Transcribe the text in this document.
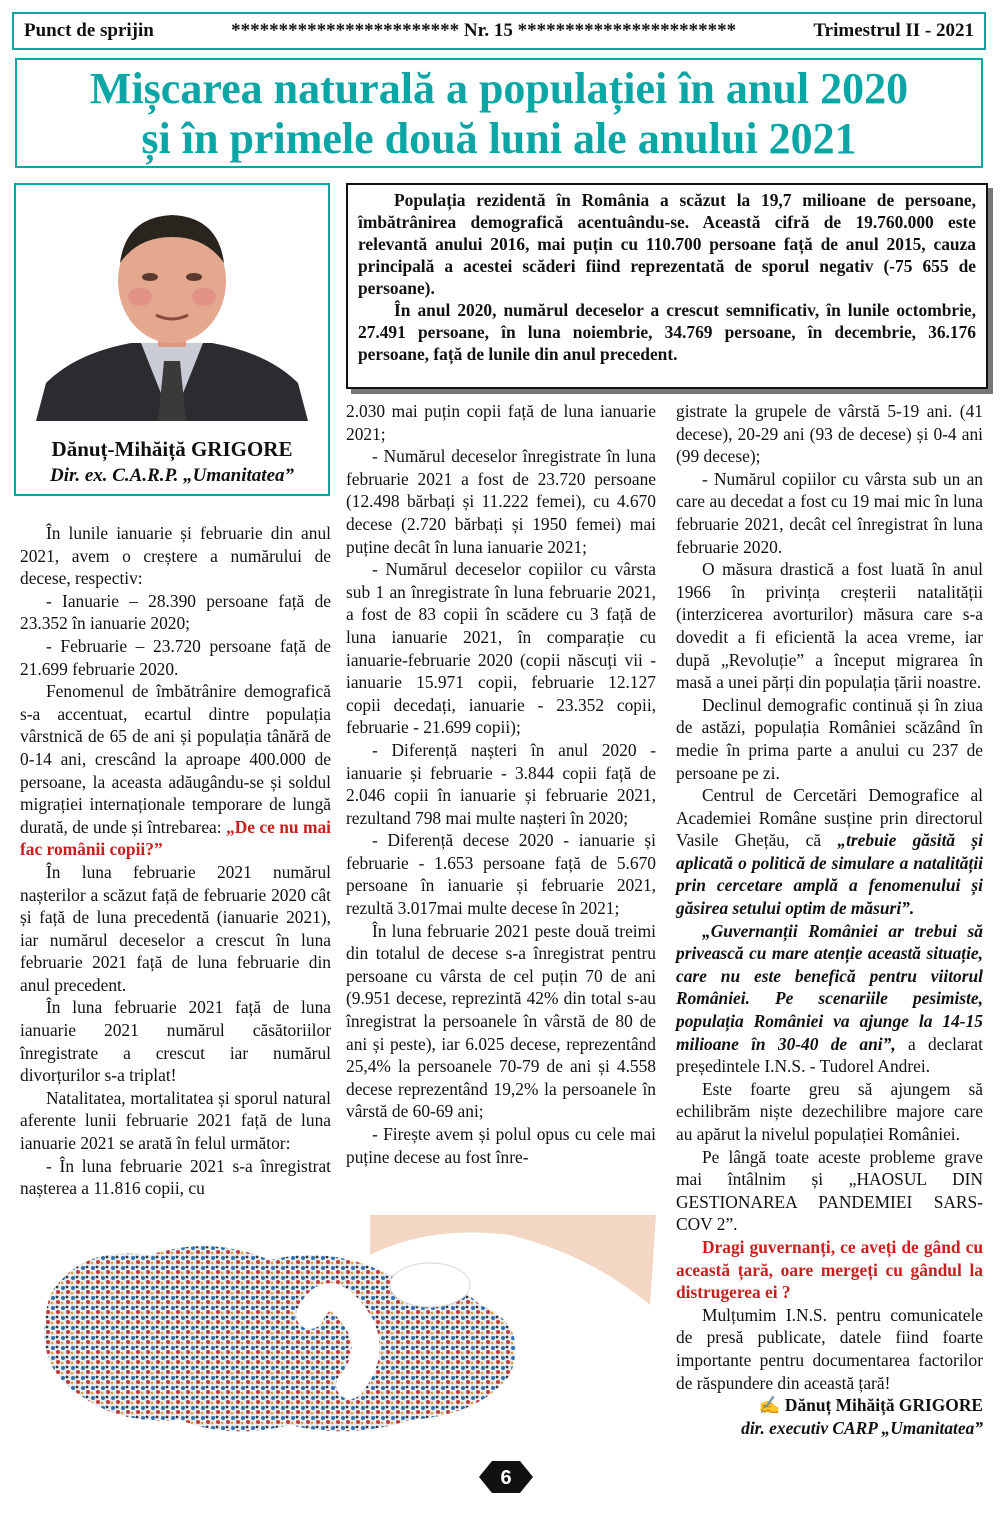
Punct de sprijin	************************ Nr. 15 ***********************	Trimestrul II - 2021
Mișcarea naturală a populației în anul 2020
și în primele două luni ale anului 2021
Dănuț-Mihăiță GRIGORE
Dir. ex. C.A.R.P. „Umanitatea”

Populația rezidentă în România a scăzut la 19,7 milioane de persoane, îmbătrânirea demografică acentuându-se. Această cifră de 19.760.000 este relevantă anului 2016, mai puțin cu 110.700 persoane față de anul 2015, cauza principală a acestei scăderi fiind reprezentată de sporul negativ (-75 655 de persoane).

În anul 2020, numărul deceselor a crescut semnificativ, în lunile octombrie, 27.491 persoane, în luna noiembrie, 34.769 persoane, în decembrie, 36.176 persoane, față de lunile din anul precedent.

În lunile ianuarie și februarie din anul 2021, avem o creștere a numărului de decese, respectiv:

- Ianuarie – 28.390 persoane față de 23.352 în ianuarie 2020;

- Februarie – 23.720 persoane față de 21.699 februarie 2020.

Fenomenul de îmbătrânire demografică s-a accentuat, ecartul dintre populația vârstnică de 65 de ani și populația tânără de 0-14 ani, crescând la aproape 400.000 de persoane, la aceasta adăugându-se și soldul migrației internaționale temporare de lungă durată, de unde și întrebarea: „De ce nu mai fac românii copii?”

În luna februarie 2021 numărul nașterilor a scăzut față de februarie 2020 cât și față de luna precedentă (ianuarie 2021), iar numărul deceselor a crescut în luna februarie 2021 față de luna februarie din anul precedent.

În luna februarie 2021 față de luna ianuarie 2021 numărul căsătoriilor înregistrate a crescut iar numărul divorțurilor s-a triplat!

Natalitatea, mortalitatea și sporul natural aferente lunii februarie 2021 față de luna ianuarie 2021 se arată în felul următor:

- În luna februarie 2021 s-a înregistrat nașterea a 11.816 copii, cu

2.030 mai puțin copii față de luna ianuarie 2021;

- Numărul deceselor înregistrate în luna februarie 2021 a fost de 23.720 persoane (12.498 bărbați și 11.222 femei), cu 4.670 decese (2.720 bărbați și 1950 femei) mai puține decât în luna ianuarie 2021;

- Numărul deceselor copiilor cu vârsta sub 1 an înregistrate în luna februarie 2021, a fost de 83 copii în scădere cu 3 față de luna ianuarie 2021, în comparație cu ianuarie-februarie 2020 (copii născuți vii - ianuarie 15.971 copii, februarie 12.127 copii decedați, ianuarie - 23.352 copii, februarie - 21.699 copii);

- Diferență nașteri în anul 2020 - ianuarie și februarie - 3.844 copii față de 2.046 copii în ianuarie și februarie 2021, rezultand 798 mai multe nașteri în 2020;

- Diferență decese 2020 - ianuarie și februarie - 1.653 persoane față de 5.670 persoane în ianuarie și februarie 2021, rezultă 3.017mai multe decese în 2021;

În luna februarie 2021 peste două treimi din totalul de decese s-a înregistrat pentru persoane cu vârsta de cel puțin 70 de ani (9.951 decese, reprezintă 42% din total s-au înregistrat la persoanele în vârstă de 80 de ani și peste), iar 6.025 decese, reprezentând 25,4% la persoanele 70-79 de ani și 4.558 decese reprezentând 19,2% la persoanele în vârstă de 60-69 ani;

- Firește avem și polul opus cu cele mai puține decese au fost înre-

gistrate la grupele de vârstă 5-19 ani. (41 decese), 20-29 ani (93 de decese) și 0-4 ani (99 decese);

- Numărul copiilor cu vârsta sub un an care au decedat a fost cu 19 mai mic în luna februarie 2021, decât cel înregistrat în luna februarie 2020.

O măsura drastică a fost luată în anul 1966 în privința creșterii natalității (interzicerea avorturilor) măsura care s-a dovedit a fi eficientă la acea vreme, iar după „Revoluție” a început migrarea în masă a unei părți din populația țării noastre.

Declinul demografic continuă și în ziua de astăzi, populația României scăzând în medie în prima parte a anului cu 237 de persoane pe zi.

Centrul de Cercetări Demografice al Academiei Române susține prin directorul Vasile Ghețău, că „trebuie găsită și aplicată o politică de simulare a natalității prin cercetare amplă a fenomenului și găsirea setului optim de măsuri”.

„Guvernanții României ar trebui să privească cu mare atenție această situație, care nu este benefică pentru viitorul României. Pe scenariile pesimiste, populația României va ajunge la 14-15 milioane în 30-40 de ani”, a declarat președintele I.N.S. - Tudorel Andrei.

Este foarte greu să ajungem să echilibrăm niște dezechilibre majore care au apărut la nivelul populației României.

Pe lângă toate aceste probleme grave mai întâlnim și „HAOSUL DIN GESTIONAREA PANDEMIEI SARS- COV 2”.

Dragi guvernanți, ce aveți de gând cu această țară, oare mergeți cu gândul la distrugerea ei ?

Mulțumim I.N.S. pentru comunicatele de presă publicate, datele fiind foarte importante pentru documentarea factorilor de răspundere din această țară!

✍ Dănuț Mihăiță GRIGORE
dir. executiv CARP „Umanitatea”
6
